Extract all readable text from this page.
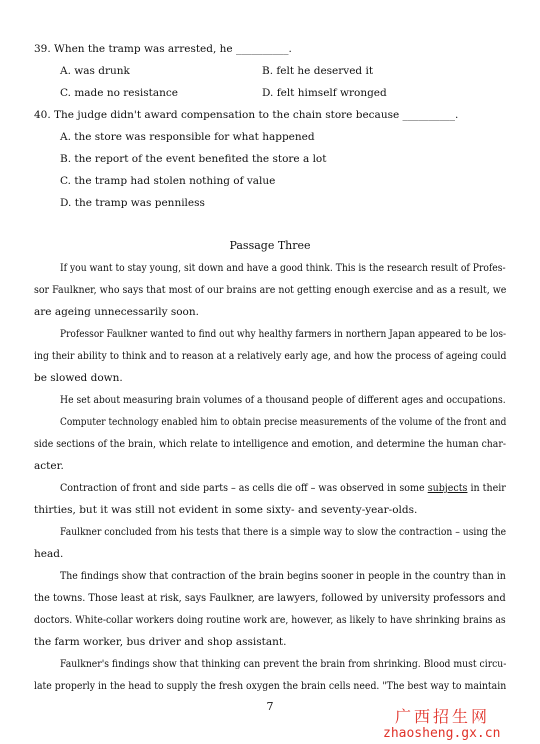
39. When the tramp was arrested, he __________.
A. was drunk	B. felt he deserved it
C. made no resistance	D. felt himself wronged
40. The judge didn't award compensation to the chain store because __________.
A. the store was responsible for what happened
B. the report of the event benefited the store a lot
C. the tramp had stolen nothing of value
D. the tramp was penniless
Passage Three
If you want to stay young, sit down and have a good think. This is the research result of Profes-
sor Faulkner, who says that most of our brains are not getting enough exercise and as a result, we
are ageing unnecessarily soon.
Professor Faulkner wanted to find out why healthy farmers in northern Japan appeared to be los-
ing their ability to think and to reason at a relatively early age, and how the process of ageing could
be slowed down.
He set about measuring brain volumes of a thousand people of different ages and occupations.
Computer technology enabled him to obtain precise measurements of the volume of the front and
side sections of the brain, which relate to intelligence and emotion, and determine the human char-
acter.
Contraction of front and side parts – as cells die off – was observed in some subjects in their
thirties, but it was still not evident in some sixty- and seventy-year-olds.
Faulkner concluded from his tests that there is a simple way to slow the contraction – using the
head.
The findings show that contraction of the brain begins sooner in people in the country than in
the towns. Those least at risk, says Faulkner, are lawyers, followed by university professors and
doctors. White-collar workers doing routine work are, however, as likely to have shrinking brains as
the farm worker, bus driver and shop assistant.
Faulkner's findings show that thinking can prevent the brain from shrinking. Blood must circu-
late properly in the head to supply the fresh oxygen the brain cells need. "The best way to maintain
7
广西招生网
zhaosheng.gx.cn
